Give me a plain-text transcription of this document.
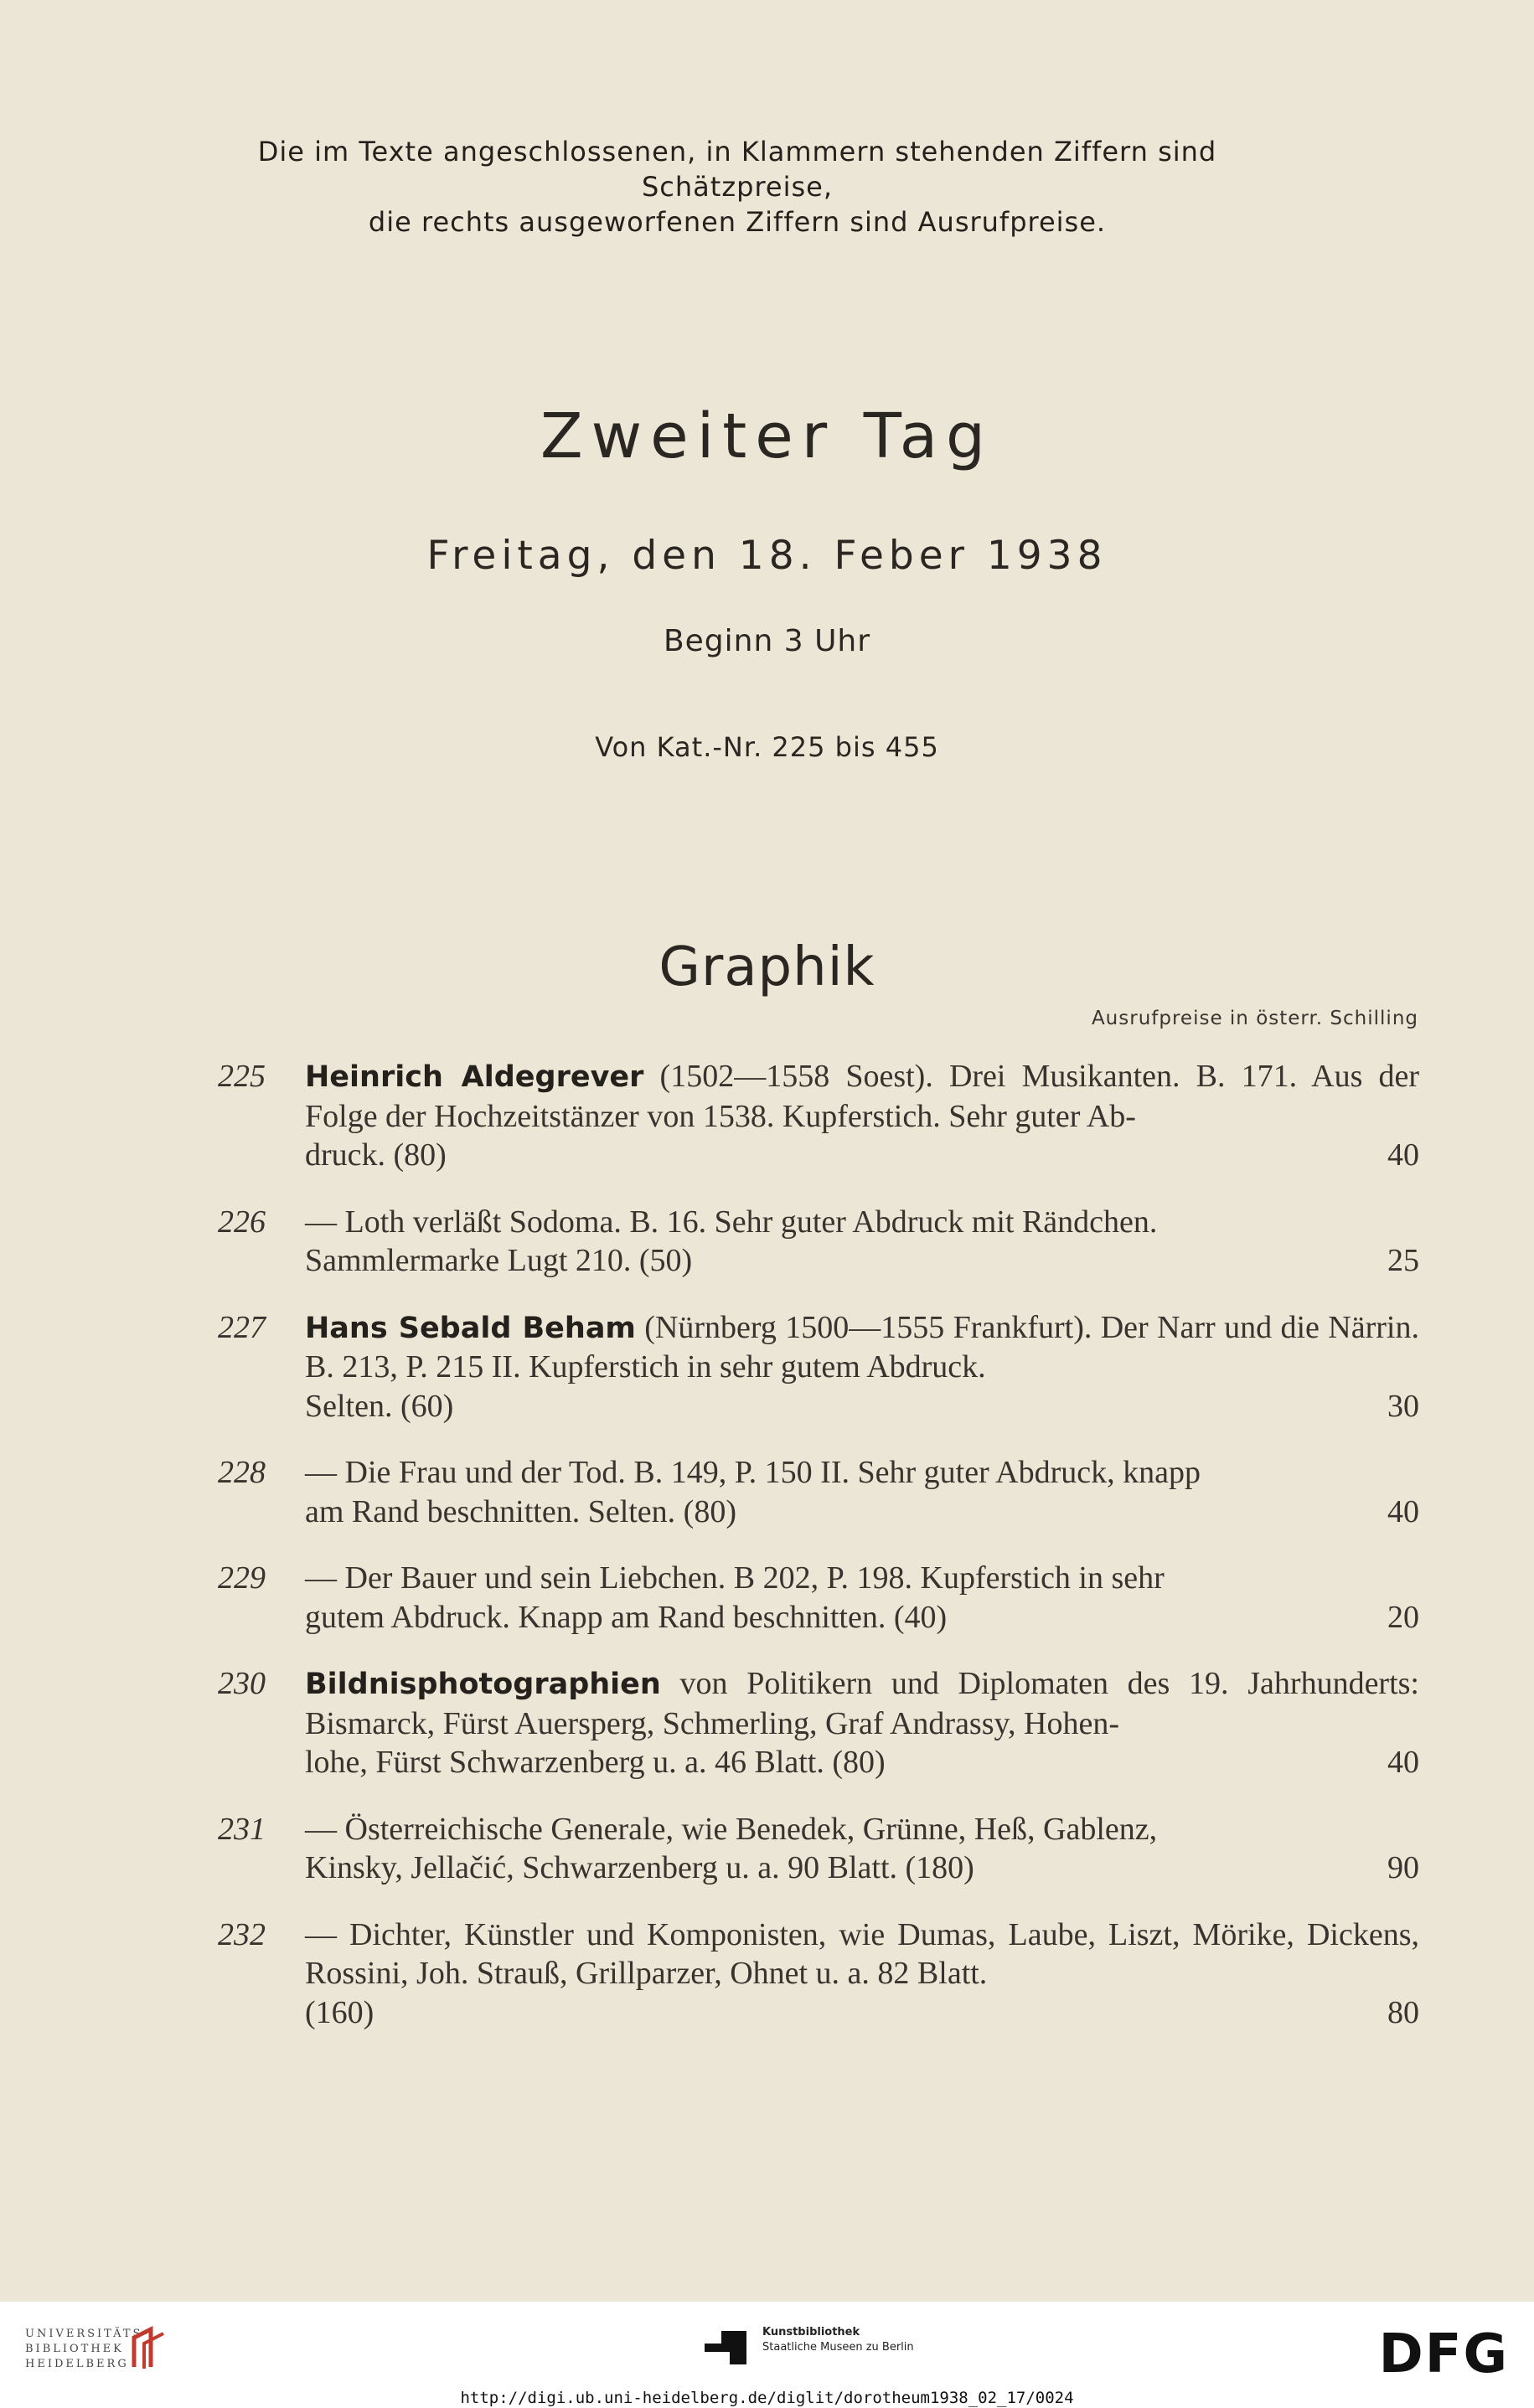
Die im Texte angeschlossenen, in Klammern stehenden Ziffern sind Schätzpreise,
die rechts ausgeworfenen Ziffern sind Ausrufpreise.
Zweiter Tag
Freitag, den 18. Feber 1938
Beginn 3 Uhr
Von Kat.-Nr. 225 bis 455
Graphik
Ausrufpreise in österr. Schilling
225	Heinrich Aldegrever (1502—1558 Soest). Drei Musikanten. B. 171. Aus der Folge der Hochzeitstänzer von 1538. Kupferstich. Sehr guter Ab-
druck. (80)	40
226 — Loth verläßt Sodoma. B. 16. Sehr guter Abdruck mit Rändchen.
Sammlermarke Lugt 210. (50)	25
227	Hans Sebald Beham (Nürnberg 1500—1555 Frankfurt). Der Narr und die Närrin. B. 213, P. 215 II. Kupferstich in sehr gutem Abdruck.
Selten. (60)	30
228 — Die Frau und der Tod. B. 149, P. 150 II. Sehr guter Abdruck, knapp
am Rand beschnitten. Selten. (80)	40
229 — Der Bauer und sein Liebchen. B 202, P. 198. Kupferstich in sehr
gutem Abdruck. Knapp am Rand beschnitten. (40)	20
230	Bildnisphotographien von Politikern und Diplomaten des 19. Jahrhunderts: Bismarck, Fürst Auersperg, Schmerling, Graf Andrassy, Hohen-
lohe, Fürst Schwarzenberg u. a. 46 Blatt. (80)	40
231 — Österreichische Generale, wie Benedek, Grünne, Heß, Gablenz,
Kinsky, Jellačić, Schwarzenberg u. a. 90 Blatt. (180)	90
232 — Dichter, Künstler und Komponisten, wie Dumas, Laube, Liszt, Mörike, Dickens, Rossini, Joh. Strauß, Grillparzer, Ohnet u. a. 82 Blatt.
(160)	80
UNIVERSITÄTS-
BIBLIOTHEK
HEIDELBERG
Kunstbibliothek
Staatliche Museen zu Berlin	DFG
http://digi.ub.uni-heidelberg.de/diglit/dorotheum1938_02_17/0024
